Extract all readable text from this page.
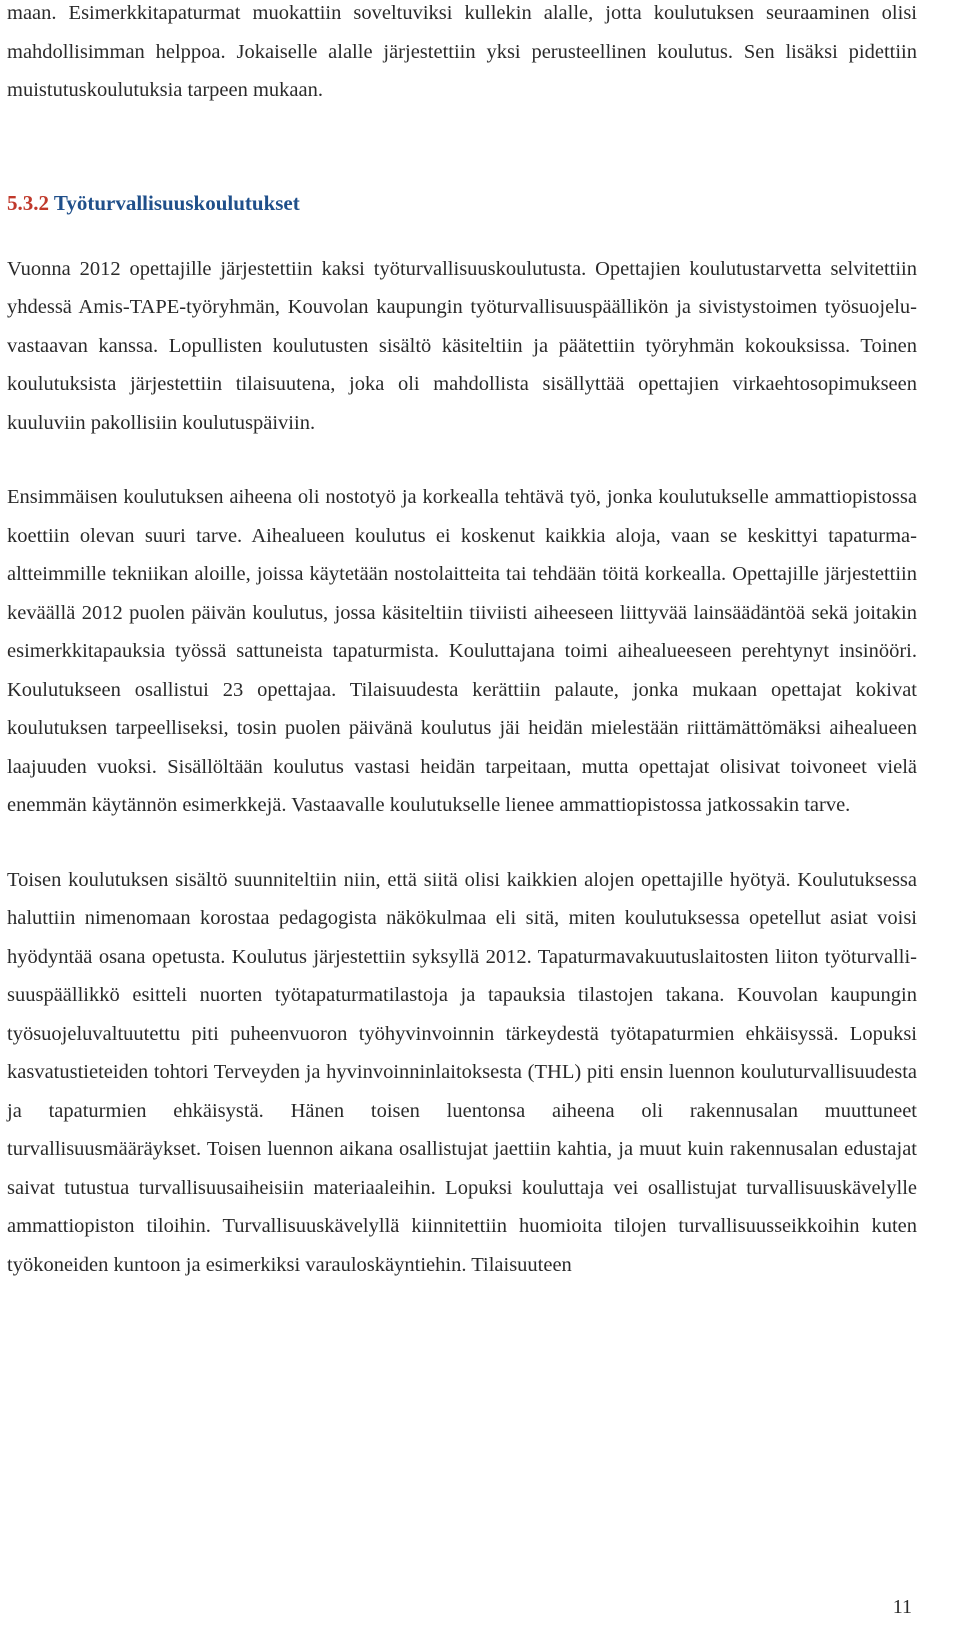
maan. Esimerkkitapaturmat muokattiin soveltuviksi kullekin alalle, jotta koulutuksen seuraaminen olisi mahdollisimman helppoa. Jokaiselle alalle järjestettiin yksi perusteellinen koulutus. Sen lisäksi pidettiin muistutuskoulutuksia tarpeen mukaan.

5.3.2 Työturvallisuuskoulutukset

Vuonna 2012 opettajille järjestettiin kaksi työturvallisuuskoulutusta. Opettajien koulutustarvetta selvitettiin yhdessä Amis-TAPE-työryhmän, Kouvolan kaupungin työturvallisuuspäällikön ja sivistystoimen työsuojeluvastaavan kanssa. Lopullisten koulutusten sisältö käsiteltiin ja päätettiin työryhmän kokouksissa. Toinen koulutuksista järjestettiin tilaisuutena, joka oli mahdollista sisällyttää opettajien virkaehtosopimukseen kuuluviin pakollisiin koulutuspäiviin.

Ensimmäisen koulutuksen aiheena oli nostotyö ja korkealla tehtävä työ, jonka koulutukselle ammattiopistossa koettiin olevan suuri tarve. Aihealueen koulutus ei koskenut kaikkia aloja, vaan se keskittyi tapaturma-altteimmille tekniikan aloille, joissa käytetään nostolaitteita tai tehdään töitä korkealla. Opettajille järjestettiin keväällä 2012 puolen päivän koulutus, jossa käsiteltiin tiiviisti aiheeseen liittyvää lainsäädäntöä sekä joitakin esimerkkitapauksia työssä sattuneista tapaturmista. Kouluttajana toimi aihealueeseen perehtynyt insinööri. Koulutukseen osallistui 23 opettajaa. Tilaisuudesta kerättiin palaute, jonka mukaan opettajat kokivat koulutuksen tarpeelliseksi, tosin puolen päivänä koulutus jäi heidän mielestään riittämättömäksi aihealueen laajuuden vuoksi. Sisällöltään koulutus vastasi heidän tarpeitaan, mutta opettajat olisivat toivoneet vielä enemmän käytännön esimerkkejä. Vastaavalle koulutukselle lienee ammattiopistossa jatkossakin tarve.

Toisen koulutuksen sisältö suunniteltiin niin, että siitä olisi kaikkien alojen opettajille hyötyä. Koulutuksessa haluttiin nimenomaan korostaa pedagogista näkökulmaa eli sitä, miten koulutuksessa opetellut asiat voisi hyödyntää osana opetusta. Koulutus järjestettiin syksyllä 2012. Tapaturmavakuutuslaitosten liiton työturvallisuuspäällikkö esitteli nuorten työtapaturmatilastoja ja tapauksia tilastojen takana. Kouvolan kaupungin työsuojeluvaltuutettu piti puheenvuoron työhyvinvoinnin tärkeydestä työtapaturmien ehkäisyssä. Lopuksi kasvatustieteiden tohtori Terveyden ja hyvinvoinninlaitoksesta (THL) piti ensin luennon kouluturvallisuudesta ja tapaturmien ehkäisystä. Hänen toisen luentonsa aiheena oli rakennusalan muuttuneet turvallisuusmääräykset. Toisen luennon aikana osallistujat jaettiin kahtia, ja muut kuin rakennusalan edustajat saivat tutustua turvallisuusaiheisiin materiaaleihin. Lopuksi kouluttaja vei osallistujat turvallisuuskävelylle ammattiopiston tiloihin. Turvallisuuskävelyllä kiinnitettiin huomioita tilojen turvallisuusseikkoihin kuten työkoneiden kuntoon ja esimerkiksi varauloskäyntiehin. Tilaisuuteen

11
